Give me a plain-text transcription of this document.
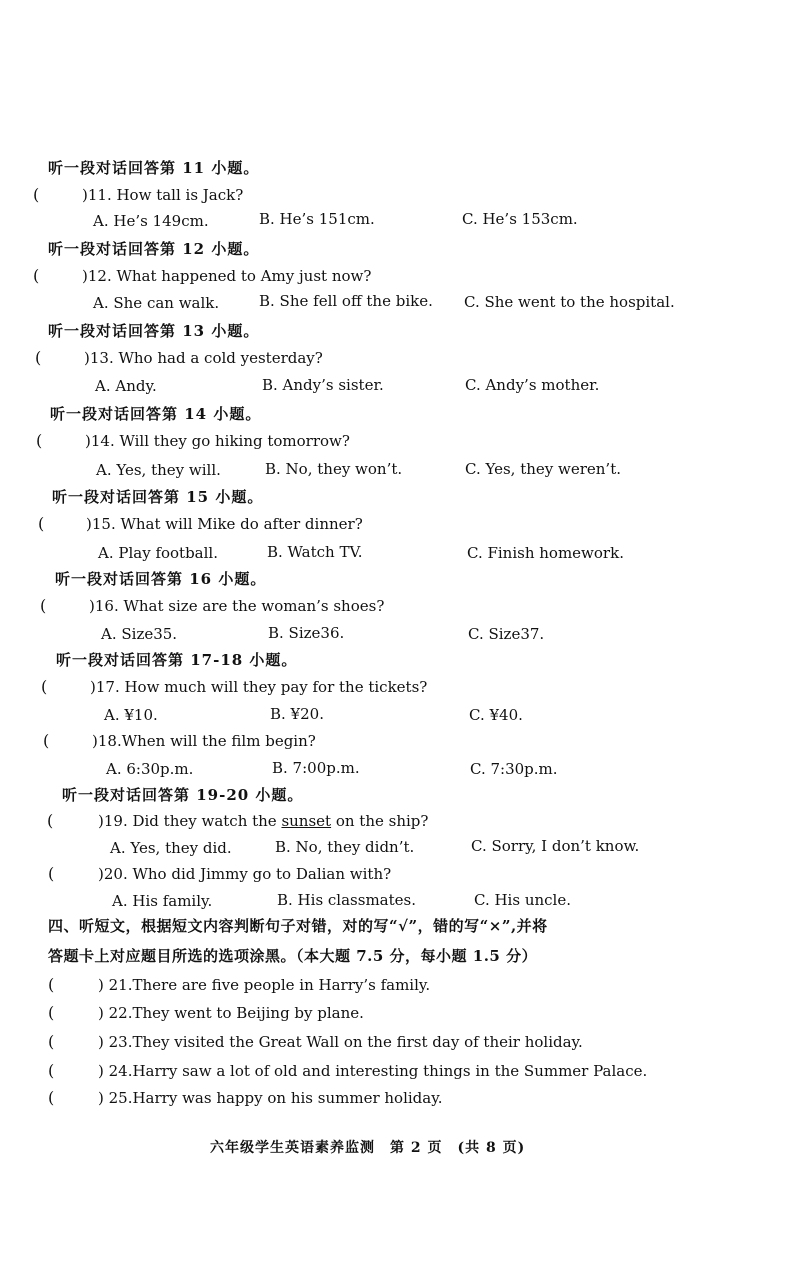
听一段对话回答第 11 小题。
(	)11. How tall is Jack?
A. He’s 149cm.	B. He’s 151cm.	C. He’s 153cm.
听一段对话回答第 12 小题。
(	)12. What happened to Amy just now?
A. She can walk.	B. She fell off the bike. C. She went to the hospital.
听一段对话回答第 13 小题。
(	)13. Who had a cold yesterday?
A. Andy.	B. Andy’s sister.	C. Andy’s mother.
听一段对话回答第 14 小题。
(	)14. Will they go hiking tomorrow?
A. Yes, they will.	B. No, they won’t.	C. Yes, they weren’t.
听一段对话回答第 15 小题。
(	)15. What will Mike do after dinner?
A. Play football.	B. Watch TV.	C. Finish homework.
听一段对话回答第 16 小题。
(	)16. What size are the woman’s shoes?
A. Size35.	B. Size36.	C. Size37.
听一段对话回答第 17-18 小题。
(	)17. How much will they pay for the tickets?
A. ¥10.	B. ¥20.	C. ¥40.
(	)18.When will the film begin?
A. 6:30p.m.	B. 7:00p.m.	C. 7:30p.m.
听一段对话回答第 19-20 小题。
(	)19. Did they watch the sunset on the ship?
A. Yes, they did.	B. No, they didn’t.	C. Sorry, I don’t know.
(	)20. Who did Jimmy go to Dalian with?
A. His family.	B. His classmates.	C. His uncle.
四、听短文，根据短文内容判断句子对错，对的写“√”，错的写“×”,并将
答题卡上对应题目所选的选项涂黑。（本大题 7.5 分，每小题 1.5 分）
(	) 21.There are five people in Harry’s family.
(	) 22.They went to Beijing by plane.
(	) 23.They visited the Great Wall on the first day of their holiday.
(	) 24.Harry saw a lot of old and interesting things in the Summer Palace.
(	) 25.Harry was happy on his summer holiday.
六年级学生英语素养监测　第 2 页　(共 8 页)
